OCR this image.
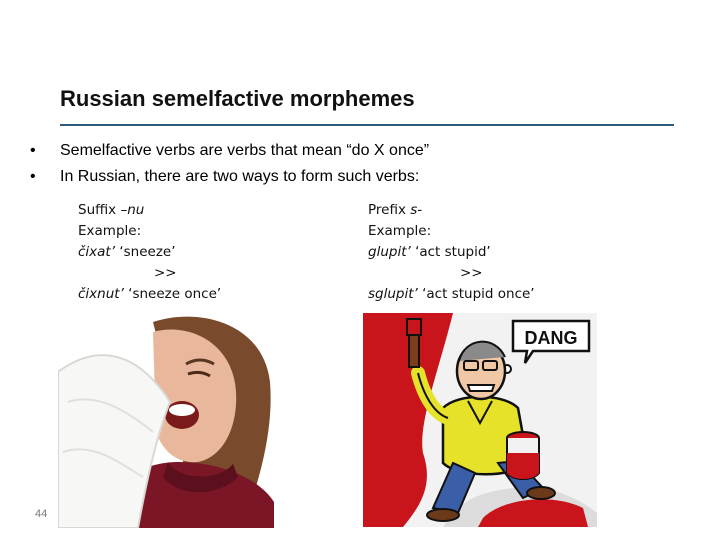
Russian semelfactive morphemes
•	Semelfactive verbs are verbs that mean “do X once”
•	In Russian, there are two ways to form such verbs:
Suffix –nu
Example:
čixat’ ‘sneeze’
>>
čixnut’ ‘sneeze once’
Prefix s-
Example:
glupit’ ‘act stupid’
>>
sglupit’ ‘act stupid once’
DANG
44
